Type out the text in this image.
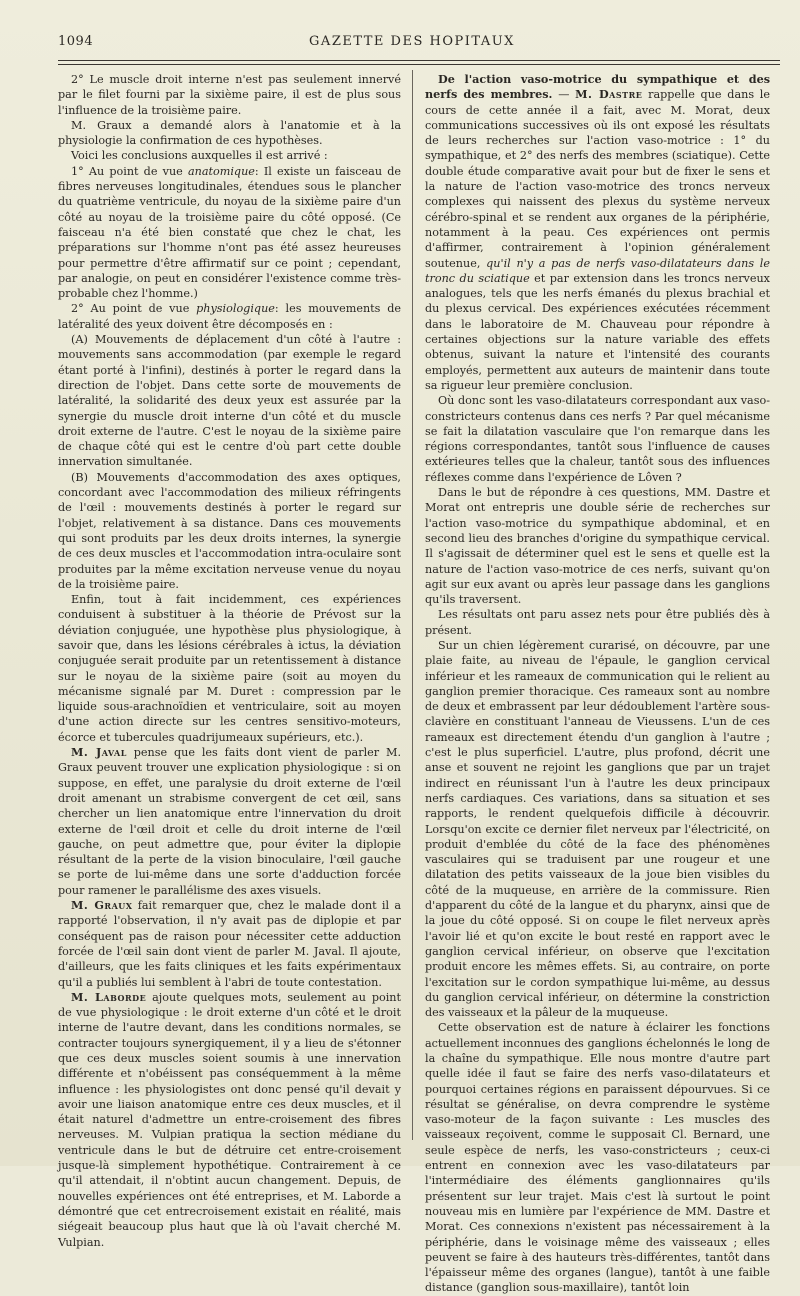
1094	GAZETTE DES HOPITAUX

2° Le muscle droit interne n'est pas seulement innervé par le filet fourni par la sixième paire, il est de plus sous l'influence de la troisième paire.

M. Graux a demandé alors à l'anatomie et à la physiologie la confirmation de ces hypothèses.

Voici les conclusions auxquelles il est arrivé :

1° Au point de vue anatomique: Il existe un faisceau de fibres nerveuses longitudinales, étendues sous le plancher du quatrième ventricule, du noyau de la sixième paire d'un côté au noyau de la troisième paire du côté opposé. (Ce faisceau n'a été bien constaté que chez le chat, les préparations sur l'homme n'ont pas été assez heureuses pour permettre d'être affirmatif sur ce point ; cependant, par analogie, on peut en considérer l'existence comme très-probable chez l'homme.)

2° Au point de vue physiologique: les mouvements de latéralité des yeux doivent être décomposés en :

(A) Mouvements de déplacement d'un côté à l'autre : mouvements sans accommodation (par exemple le regard étant porté à l'infini), destinés à porter le regard dans la direction de l'objet. Dans cette sorte de mouvements de latéralité, la solidarité des deux yeux est assurée par la synergie du muscle droit interne d'un côté et du muscle droit externe de l'autre. C'est le noyau de la sixième paire de chaque côté qui est le centre d'où part cette double innervation simultanée.

(B) Mouvements d'accommodation des axes optiques, concordant avec l'accommodation des milieux réfringents de l'œil : mouvements destinés à porter le regard sur l'objet, relativement à sa distance. Dans ces mouvements qui sont produits par les deux droits internes, la synergie de ces deux muscles et l'accommodation intra-oculaire sont produites par la même excitation nerveuse venue du noyau de la troisième paire.

Enfin, tout à fait incidemment, ces expériences conduisent à substituer à la théorie de Prévost sur la déviation conjuguée, une hypothèse plus physiologique, à savoir que, dans les lésions cérébrales à ictus, la déviation conjuguée serait produite par un retentissement à distance sur le noyau de la sixième paire (soit au moyen du mécanisme signalé par M. Duret : compression par le liquide sous-arachnoïdien et ventriculaire, soit au moyen d'une action directe sur les centres sensitivo-moteurs, écorce et tubercules quadrijumeaux supérieurs, etc.).

M. Javal pense que les faits dont vient de parler M. Graux peuvent trouver une explication physiologique : si on suppose, en effet, une paralysie du droit externe de l'œil droit amenant un strabisme convergent de cet œil, sans chercher un lien anatomique entre l'innervation du droit externe de l'œil droit et celle du droit interne de l'œil gauche, on peut admettre que, pour éviter la diplopie résultant de la perte de la vision binoculaire, l'œil gauche se porte de lui-même dans une sorte d'adduction forcée pour ramener le parallélisme des axes visuels.

M. Graux fait remarquer que, chez le malade dont il a rapporté l'observation, il n'y avait pas de diplopie et par conséquent pas de raison pour nécessiter cette adduction forcée de l'œil sain dont vient de parler M. Javal. Il ajoute, d'ailleurs, que les faits cliniques et les faits expérimentaux qu'il a publiés lui semblent à l'abri de toute contestation.

M. Laborde ajoute quelques mots, seulement au point de vue physiologique : le droit externe d'un côté et le droit interne de l'autre devant, dans les conditions normales, se contracter toujours synergiquement, il y a lieu de s'étonner que ces deux muscles soient soumis à une innervation différente et n'obéissent pas conséquemment à la même influence : les physiologistes ont donc pensé qu'il devait y avoir une liaison anatomique entre ces deux muscles, et il était naturel d'admettre un entre-croisement des fibres nerveuses. M. Vulpian pratiqua la section médiane du ventricule dans le but de détruire cet entre-croisement jusque-là simplement hypothétique. Contrairement à ce qu'il attendait, il n'obtint aucun changement. Depuis, de nouvelles expériences ont été entreprises, et M. Laborde a démontré que cet entrecroisement existait en réalité, mais siégeait beaucoup plus haut que là où l'avait cherché M. Vulpian.

De l'action vaso-motrice du sympathique et des nerfs des membres. — M. Dastre rappelle que dans le cours de cette année il a fait, avec M. Morat, deux communications successives où ils ont exposé les résultats de leurs recherches sur l'action vaso-motrice : 1° du sympathique, et 2° des nerfs des membres (sciatique). Cette double étude comparative avait pour but de fixer le sens et la nature de l'action vaso-motrice des troncs nerveux complexes qui naissent des plexus du système nerveux cérébro-spinal et se rendent aux organes de la périphérie, notamment à la peau. Ces expériences ont permis d'affirmer, contrairement à l'opinion généralement soutenue, qu'il n'y a pas de nerfs vaso-dilatateurs dans le tronc du sciatique et par extension dans les troncs nerveux analogues, tels que les nerfs émanés du plexus brachial et du plexus cervical. Des expériences exécutées récemment dans le laboratoire de M. Chauveau pour répondre à certaines objections sur la nature variable des effets obtenus, suivant la nature et l'intensité des courants employés, permettent aux auteurs de maintenir dans toute sa rigueur leur première conclusion.

Où donc sont les vaso-dilatateurs correspondant aux vaso-constricteurs contenus dans ces nerfs ? Par quel mécanisme se fait la dilatation vasculaire que l'on remarque dans les régions correspondantes, tantôt sous l'influence de causes extérieures telles que la chaleur, tantôt sous des influences réflexes comme dans l'expérience de Lôven ?

Dans le but de répondre à ces questions, MM. Dastre et Morat ont entrepris une double série de recherches sur l'action vaso-motrice du sympathique abdominal, et en second lieu des branches d'origine du sympathique cervical. Il s'agissait de déterminer quel est le sens et quelle est la nature de l'action vaso-motrice de ces nerfs, suivant qu'on agit sur eux avant ou après leur passage dans les ganglions qu'ils traversent.

Les résultats ont paru assez nets pour être publiés dès à présent.

Sur un chien légèrement curarisé, on découvre, par une plaie faite, au niveau de l'épaule, le ganglion cervical inférieur et les rameaux de communication qui le relient au ganglion premier thoracique. Ces rameaux sont au nombre de deux et embrassent par leur dédoublement l'artère sous-clavière en constituant l'anneau de Vieussens. L'un de ces rameaux est directement étendu d'un ganglion à l'autre ; c'est le plus superficiel. L'autre, plus profond, décrit une anse et souvent ne rejoint les ganglions que par un trajet indirect en réunissant l'un à l'autre les deux principaux nerfs cardiaques. Ces variations, dans sa situation et ses rapports, le rendent quelquefois difficile à découvrir. Lorsqu'on excite ce dernier filet nerveux par l'électricité, on produit d'emblée du côté de la face des phénomènes vasculaires qui se traduisent par une rougeur et une dilatation des petits vaisseaux de la joue bien visibles du côté de la muqueuse, en arrière de la commissure. Rien d'apparent du côté de la langue et du pharynx, ainsi que de la joue du côté opposé. Si on coupe le filet nerveux après l'avoir lié et qu'on excite le bout resté en rapport avec le ganglion cervical inférieur, on observe que l'excitation produit encore les mêmes effets. Si, au contraire, on porte l'excitation sur le cordon sympathique lui-même, au dessus du ganglion cervical inférieur, on détermine la constriction des vaisseaux et la pâleur de la muqueuse.

Cette observation est de nature à éclairer les fonctions actuellement inconnues des ganglions échelonnés le long de la chaîne du sympathique. Elle nous montre d'autre part quelle idée il faut se faire des nerfs vaso-dilatateurs et pourquoi certaines régions en paraissent dépourvues. Si ce résultat se généralise, on devra comprendre le système vaso-moteur de la façon suivante : Les muscles des vaisseaux reçoivent, comme le supposait Cl. Bernard, une seule espèce de nerfs, les vaso-constricteurs ; ceux-ci entrent en connexion avec les vaso-dilatateurs par l'intermédiaire des éléments ganglionnaires qu'ils présentent sur leur trajet. Mais c'est là surtout le point nouveau mis en lumière par l'expérience de MM. Dastre et Morat. Ces connexions n'existent pas nécessairement à la périphérie, dans le voisinage même des vaisseaux ; elles peuvent se faire à des hauteurs très-différentes, tantôt dans l'épaisseur même des organes (langue), tantôt à une faible distance (ganglion sous-maxillaire), tantôt loin
